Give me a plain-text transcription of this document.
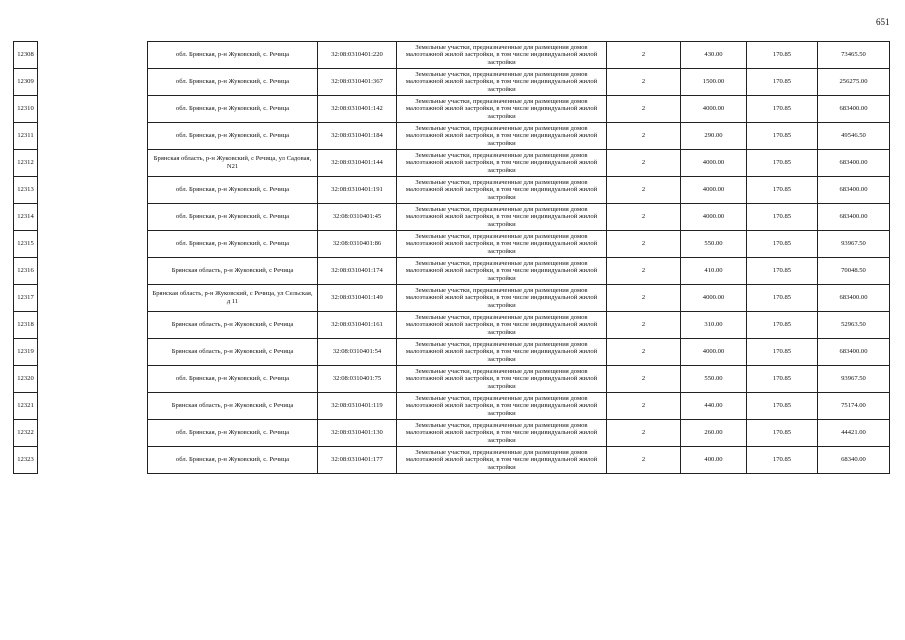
651
12308		обл. Брянская, р-н Жуковский, с. Речица	32:08:0310401:220	Земельные участки, предназначенные для размещения домов малоэтажной жилой застройки, в том числе индивидуальной жилой застройки	2	430.00	170.85	73465.50
12309		обл. Брянская, р-н Жуковский, с. Речица	32:08:0310401:367	Земельные участки, предназначенные для размещения домов малоэтажной жилой застройки, в том числе индивидуальной жилой застройки	2	1500.00	170.85	256275.00
12310		обл. Брянская, р-н Жуковский, с. Речица	32:08:0310401:142	Земельные участки, предназначенные для размещения домов малоэтажной жилой застройки, в том числе индивидуальной жилой застройки	2	4000.00	170.85	683400.00
12311		обл. Брянская, р-н Жуковский, с. Речица	32:08:0310401:184	Земельные участки, предназначенные для размещения домов малоэтажной жилой застройки, в том числе индивидуальной жилой застройки	2	290.00	170.85	49546.50
12312		Брянская область, р-н Жуковский, с Речица, ул Садовая, N21	32:08:0310401:144	Земельные участки, предназначенные для размещения домов малоэтажной жилой застройки, в том числе индивидуальной жилой застройки	2	4000.00	170.85	683400.00
12313		обл. Брянская, р-н Жуковский, с. Речица	32:08:0310401:191	Земельные участки, предназначенные для размещения домов малоэтажной жилой застройки, в том числе индивидуальной жилой застройки	2	4000.00	170.85	683400.00
12314		обл. Брянская, р-н Жуковский, с. Речица	32:08:0310401:45	Земельные участки, предназначенные для размещения домов малоэтажной жилой застройки, в том числе индивидуальной жилой застройки	2	4000.00	170.85	683400.00
12315		обл. Брянская, р-н Жуковский, с. Речица	32:08:0310401:86	Земельные участки, предназначенные для размещения домов малоэтажной жилой застройки, в том числе индивидуальной жилой застройки	2	550.00	170.85	93967.50
12316		Брянская область, р-н Жуковский, с Речица	32:08:0310401:174	Земельные участки, предназначенные для размещения домов малоэтажной жилой застройки, в том числе индивидуальной жилой застройки	2	410.00	170.85	70048.50
12317		Брянская область, р-н Жуковский, с Речица, ул Сельская, д 11	32:08:0310401:149	Земельные участки, предназначенные для размещения домов малоэтажной жилой застройки, в том числе индивидуальной жилой застройки	2	4000.00	170.85	683400.00
12318		Брянская область, р-н Жуковский, с Речица	32:08:0310401:161	Земельные участки, предназначенные для размещения домов малоэтажной жилой застройки, в том числе индивидуальной жилой застройки	2	310.00	170.85	52963.50
12319		Брянская область, р-н Жуковский, с Речица	32:08:0310401:54	Земельные участки, предназначенные для размещения домов малоэтажной жилой застройки, в том числе индивидуальной жилой застройки	2	4000.00	170.85	683400.00
12320		обл. Брянская, р-н Жуковский, с. Речица	32:08:0310401:75	Земельные участки, предназначенные для размещения домов малоэтажной жилой застройки, в том числе индивидуальной жилой застройки	2	550.00	170.85	93967.50
12321		Брянская область, р-н Жуковский, с Речица	32:08:0310401:119	Земельные участки, предназначенные для размещения домов малоэтажной жилой застройки, в том числе индивидуальной жилой застройки	2	440.00	170.85	75174.00
12322		обл. Брянская, р-н Жуковский, с. Речица	32:08:0310401:130	Земельные участки, предназначенные для размещения домов малоэтажной жилой застройки, в том числе индивидуальной жилой застройки	2	260.00	170.85	44421.00
12323		обл. Брянская, р-н Жуковский, с. Речица	32:08:0310401:177	Земельные участки, предназначенные для размещения домов малоэтажной жилой застройки, в том числе индивидуальной жилой застройки	2	400.00	170.85	68340.00
